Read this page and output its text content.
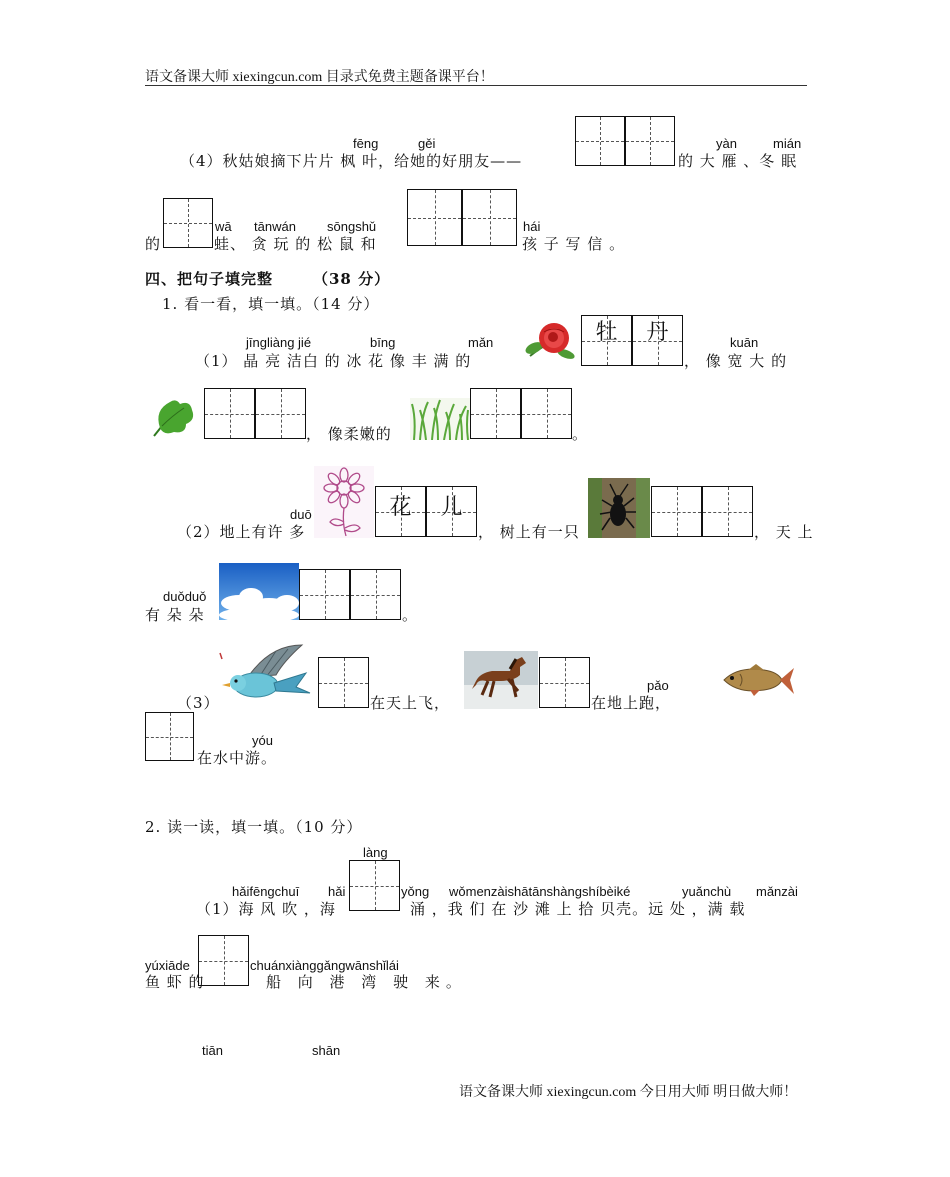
语文备课大师 xiexingcun.com 目录式免费主题备课平台！
fēng	gěi
（4）秋姑娘摘下片片 枫 叶，给她的好朋友——
yàn	mián
的 大 雁 、冬 眠
的
wā tānwán sōngshǔ
蛙、 贪 玩 的 松 鼠 和
hái
孩 子 写 信 。
四、把句子填完整	（38 分）
1. 看一看，填一填。（14 分）
jīngliàng jié	bīng	mǎn
（1） 晶 亮 洁白 的 冰 花 像 丰 满 的
牡	丹	kuān
， 像 宽 大 的
， 像柔嫩的	。
duō
（2）地上有许 多
花	儿
， 树上有一只	， 天 上
duǒduǒ
有 朵 朵	。
（3）	在天上飞，
pǎo
在地上跑，
yóu
在水中游。
2. 读一读，填一填。（10 分）
làng
hǎifēngchuī hǎi
（1）海 风 吹 ，海
yǒng wǒmenzàishātānshàngshíbèiké	yuǎnchù mǎnzài
涌 ，我 们 在 沙 滩 上 拾 贝壳。远 处 ，满 载
yúxiāde
鱼 虾 的
chuánxiànggǎngwānshǐlái
船 向 港 湾 驶 来。
tiān	shān
语文备课大师 xiexingcun.com 今日用大师 明日做大师！
